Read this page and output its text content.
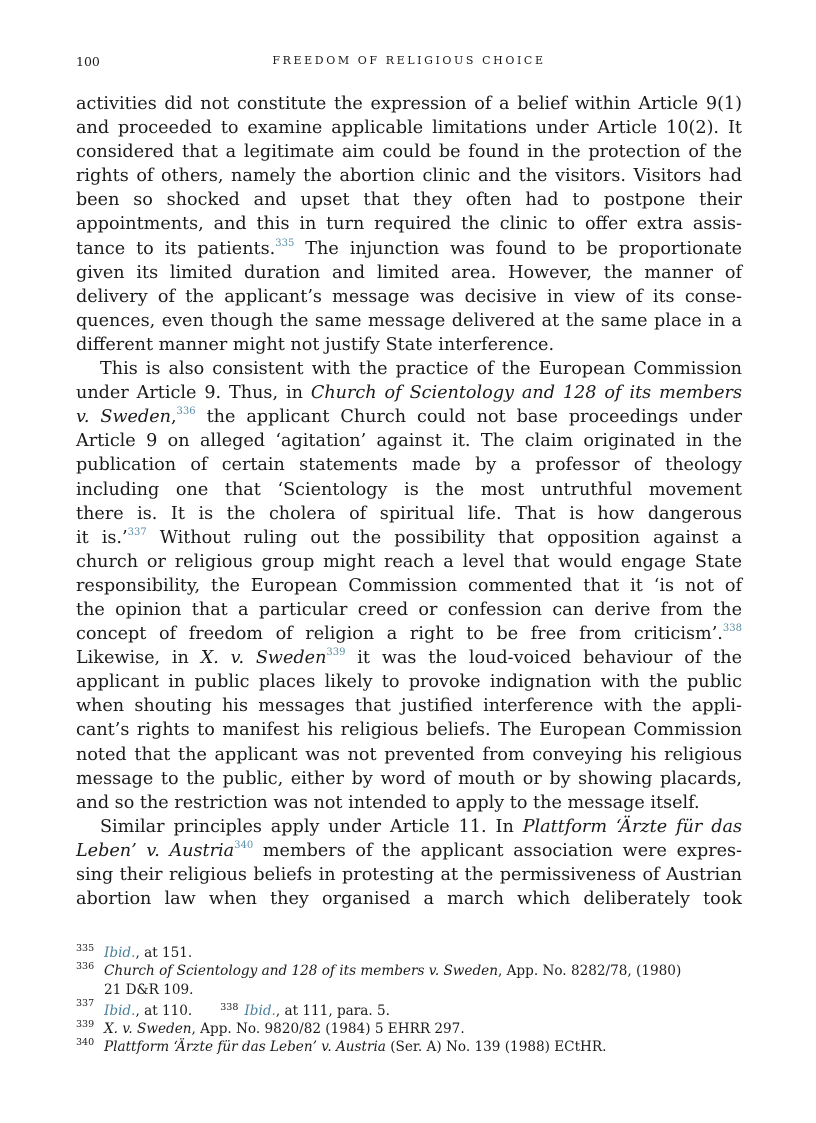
100	FREEDOM OF RELIGIOUS CHOICE
activities did not constitute the expression of a belief within Article 9(1)
and proceeded to examine applicable limitations under Article 10(2). It
considered that a legitimate aim could be found in the protection of the
rights of others, namely the abortion clinic and the visitors. Visitors had
been so shocked and upset that they often had to postpone their
appointments, and this in turn required the clinic to offer extra assis-
tance to its patients.$^{335}$ The injunction was found to be proportionate
given its limited duration and limited area. However, the manner of
delivery of the applicant’s message was decisive in view of its conse-
quences, even though the same message delivered at the same place in a
different manner might not justify State interference.
This is also consistent with the practice of the European Commission
under Article 9. Thus, in Church of Scientology and 128 of its members
v. Sweden,$^{336}$ the applicant Church could not base proceedings under
Article 9 on alleged ‘agitation’ against it. The claim originated in the
publication of certain statements made by a professor of theology
including one that ‘Scientology is the most untruthful movement
there is. It is the cholera of spiritual life. That is how dangerous
it is.’$^{337}$ Without ruling out the possibility that opposition against a
church or religious group might reach a level that would engage State
responsibility, the European Commission commented that it ‘is not of
the opinion that a particular creed or confession can derive from the
concept of freedom of religion a right to be free from criticism’.$^{338}$
Likewise, in X. v. Sweden$^{339}$ it was the loud-voiced behaviour of the
applicant in public places likely to provoke indignation with the public
when shouting his messages that justified interference with the appli-
cant’s rights to manifest his religious beliefs. The European Commission
noted that the applicant was not prevented from conveying his religious
message to the public, either by word of mouth or by showing placards,
and so the restriction was not intended to apply to the message itself.
Similar principles apply under Article 11. In Plattform ‘Ärzte für das
Leben’ v. Austria$^{340}$ members of the applicant association were expres-
sing their religious beliefs in protesting at the permissiveness of Austrian
abortion law when they organised a march which deliberately took
335 Ibid., at 151.
336 Church of Scientology and 128 of its members v. Sweden, App. No. 8282/78, (1980)
21 D&R 109.
337 Ibid., at 110.	$^{338}$ Ibid., at 111, para. 5.
339 X. v. Sweden, App. No. 9820/82 (1984) 5 EHRR 297.
340 Plattform ‘Ärzte für das Leben’ v. Austria (Ser. A) No. 139 (1988) ECtHR.
